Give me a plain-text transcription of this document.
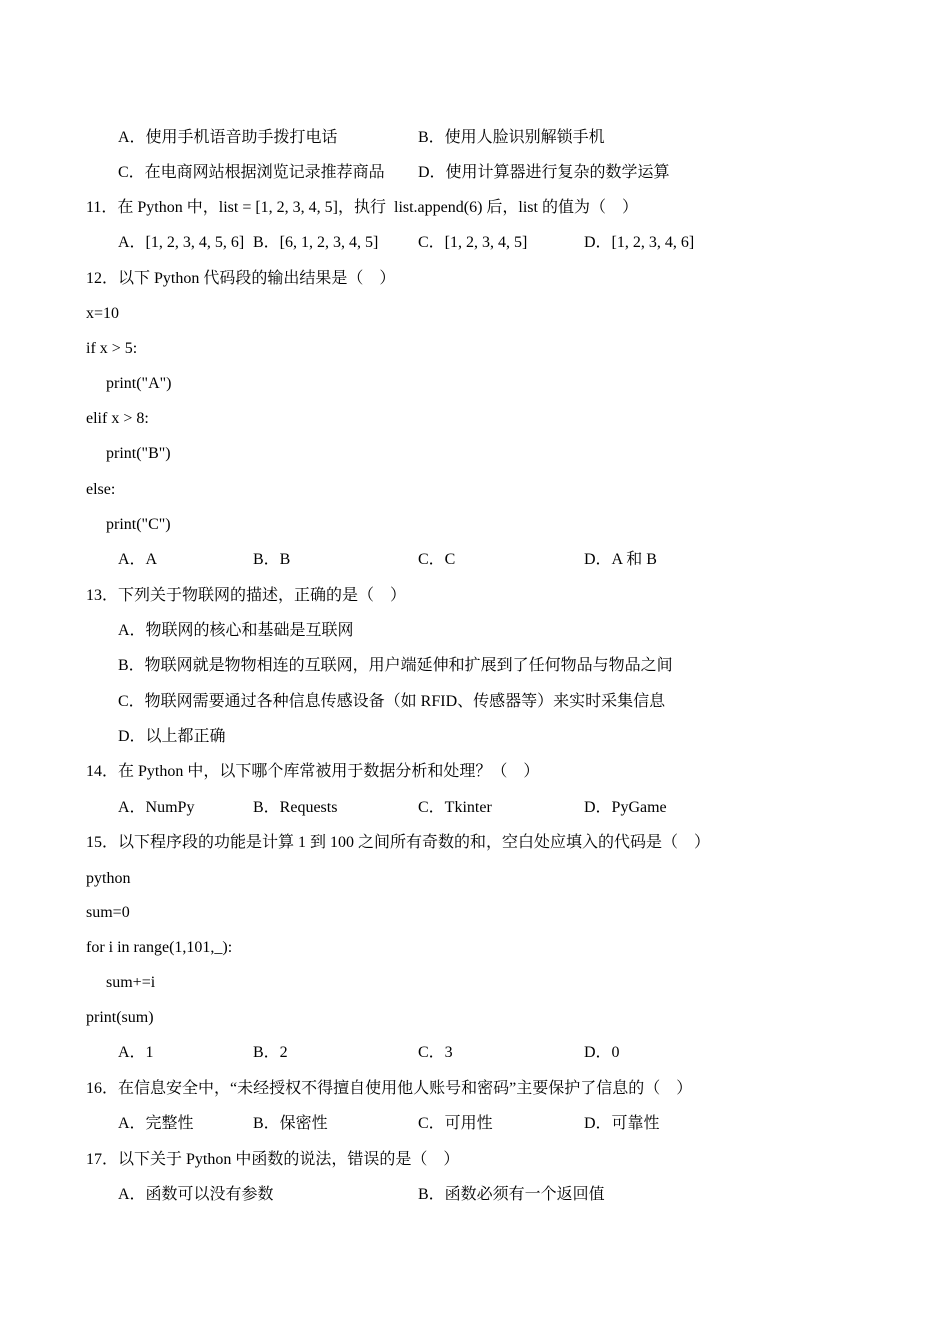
A．使用手机语音助手拨打电话	B．使用人脸识别解锁手机
C．在电商网站根据浏览记录推荐商品 D．使用计算器进行复杂的数学运算
11．在 Python 中，list = [1, 2, 3, 4, 5]，执行  list.append(6) 后，list 的值为（    ）
A．[1, 2, 3, 4, 5, 6] B．[6, 1, 2, 3, 4, 5] C．[1, 2, 3, 4, 5]	D．[1, 2, 3, 4, 6]
12．以下 Python 代码段的输出结果是（    ）
x=10
if x > 5:
print("A")
elif x > 8:
print("B")
else:
print("C")
A．A	B．B	C．C	D．A 和 B
13．下列关于物联网的描述，正确的是（    ）
A．物联网的核心和基础是互联网
B．物联网就是物物相连的互联网，用户端延伸和扩展到了任何物品与物品之间
C．物联网需要通过各种信息传感设备（如 RFID、传感器等）来实时采集信息
D．以上都正确
14．在 Python 中，以下哪个库常被用于数据分析和处理？（    ）
A．NumPy	B．Requests	C．Tkinter	D．PyGame
15．以下程序段的功能是计算 1 到 100 之间所有奇数的和，空白处应填入的代码是（    ）
python
sum=0
for i in range(1,101,_):
sum+=i
print(sum)
A．1	B．2	C．3	D．0
16．在信息安全中，“未经授权不得擅自使用他人账号和密码”主要保护了信息的（    ）
A．完整性	B．保密性	C．可用性	D．可靠性
17．以下关于 Python 中函数的说法，错误的是（    ）
A．函数可以没有参数	B．函数必须有一个返回值
